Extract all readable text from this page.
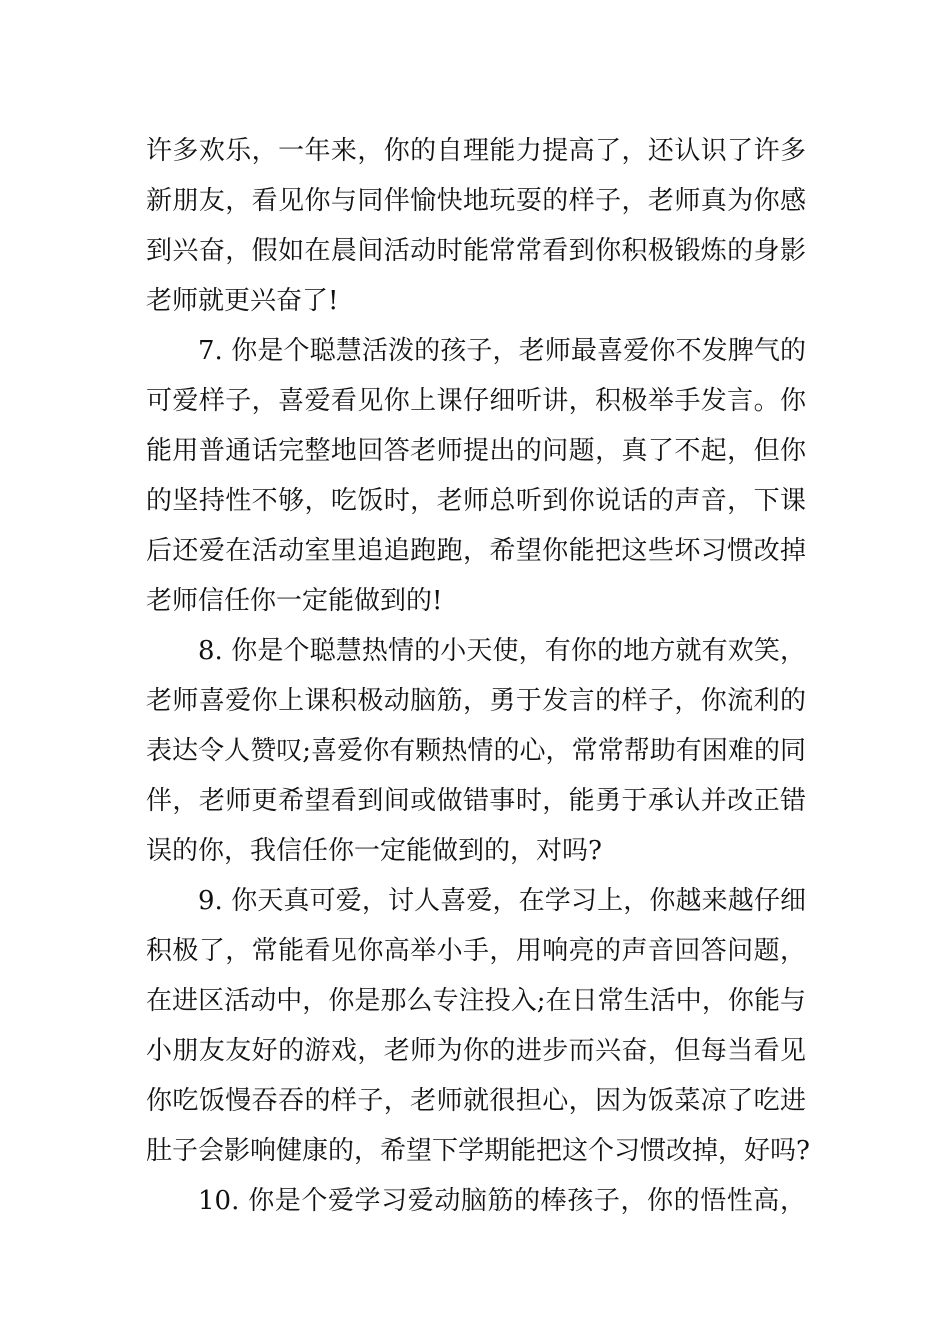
许多欢乐，一年来，你的自理能力提高了，还认识了许多
新朋友，看见你与同伴愉快地玩耍的样子，老师真为你感
到兴奋，假如在晨间活动时能常常看到你积极锻炼的身影
老师就更兴奋了!
7. 你是个聪慧活泼的孩子，老师最喜爱你不发脾气的
可爱样子，喜爱看见你上课仔细听讲，积极举手发言。你
能用普通话完整地回答老师提出的问题，真了不起，但你
的坚持性不够，吃饭时，老师总听到你说话的声音，下课
后还爱在活动室里追追跑跑，希望你能把这些坏习惯改掉
老师信任你一定能做到的!
8. 你是个聪慧热情的小天使，有你的地方就有欢笑，
老师喜爱你上课积极动脑筋，勇于发言的样子，你流利的
表达令人赞叹;喜爱你有颗热情的心，常常帮助有困难的同
伴，老师更希望看到间或做错事时，能勇于承认并改正错
误的你，我信任你一定能做到的，对吗?
9. 你天真可爱，讨人喜爱，在学习上，你越来越仔细
积极了，常能看见你高举小手，用响亮的声音回答问题，
在进区活动中，你是那么专注投入;在日常生活中，你能与
小朋友友好的游戏，老师为你的进步而兴奋，但每当看见
你吃饭慢吞吞的样子，老师就很担心，因为饭菜凉了吃进
肚子会影响健康的，希望下学期能把这个习惯改掉，好吗?
10. 你是个爱学习爱动脑筋的棒孩子，你的悟性高，
